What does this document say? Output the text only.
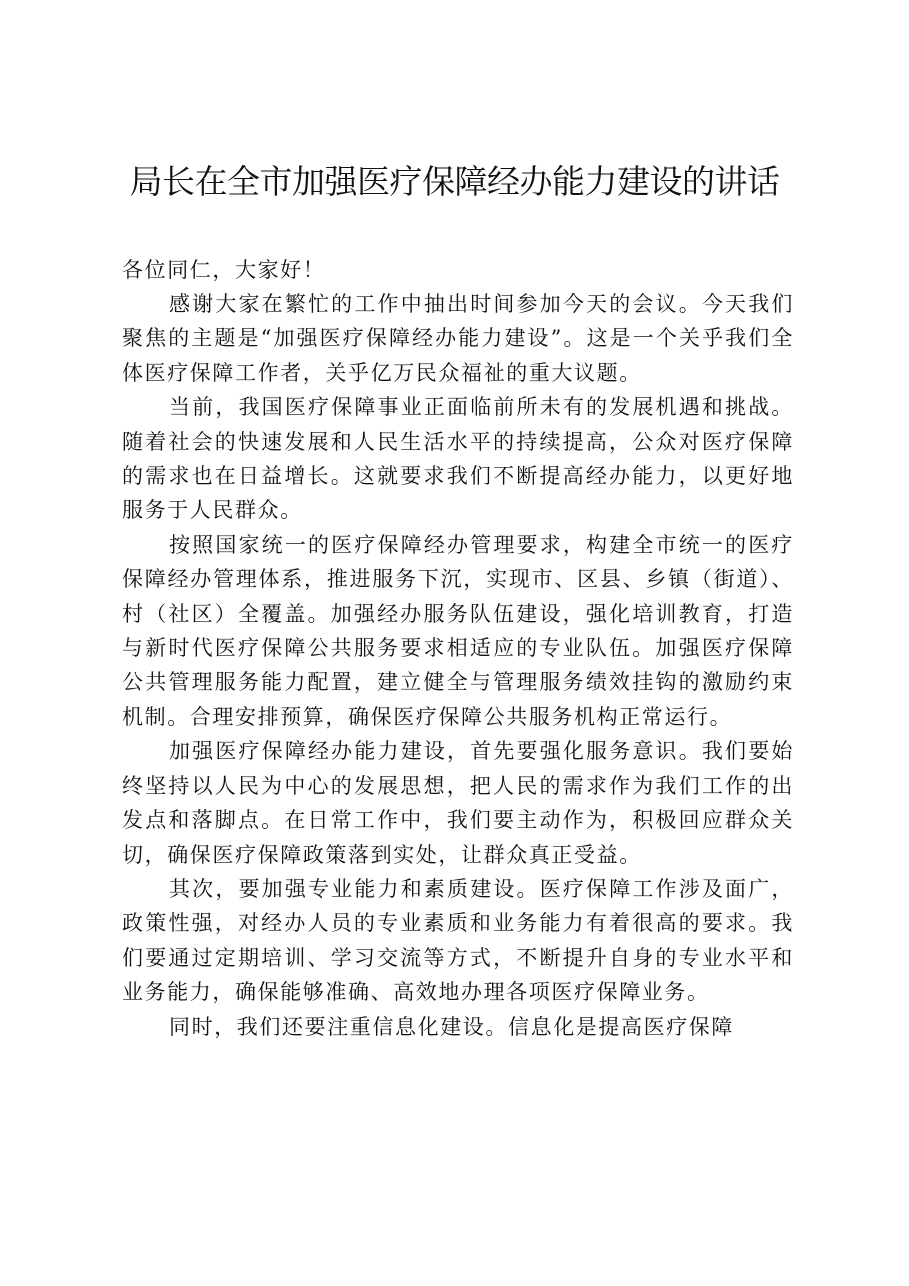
局长在全市加强医疗保障经办能力建设的讲话

各位同仁，大家好！

感谢大家在繁忙的工作中抽出时间参加今天的会议。今天我们聚焦的主题是“加强医疗保障经办能力建设”。这是一个关乎我们全体医疗保障工作者，关乎亿万民众福祉的重大议题。

当前，我国医疗保障事业正面临前所未有的发展机遇和挑战。随着社会的快速发展和人民生活水平的持续提高，公众对医疗保障的需求也在日益增长。这就要求我们不断提高经办能力，以更好地服务于人民群众。

按照国家统一的医疗保障经办管理要求，构建全市统一的医疗保障经办管理体系，推进服务下沉，实现市、区县、乡镇（街道）、村（社区）全覆盖。加强经办服务队伍建设，强化培训教育，打造与新时代医疗保障公共服务要求相适应的专业队伍。加强医疗保障公共管理服务能力配置，建立健全与管理服务绩效挂钩的激励约束机制。合理安排预算，确保医疗保障公共服务机构正常运行。

加强医疗保障经办能力建设，首先要强化服务意识。我们要始终坚持以人民为中心的发展思想，把人民的需求作为我们工作的出发点和落脚点。在日常工作中，我们要主动作为，积极回应群众关切，确保医疗保障政策落到实处，让群众真正受益。

其次，要加强专业能力和素质建设。医疗保障工作涉及面广，政策性强，对经办人员的专业素质和业务能力有着很高的要求。我们要通过定期培训、学习交流等方式，不断提升自身的专业水平和业务能力，确保能够准确、高效地办理各项医疗保障业务。

同时，我们还要注重信息化建设。信息化是提高医疗保障
